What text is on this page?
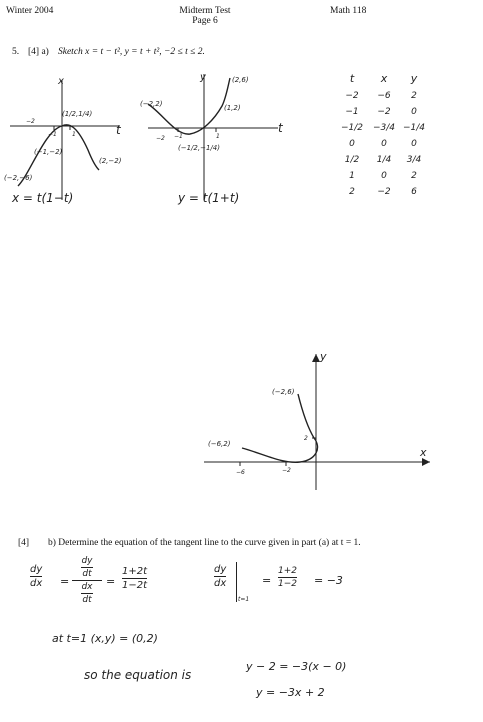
Winter 2004	Midterm Test
Page 6
Math 118
5. [4] a) Sketch x = t − t², y = t + t², −2 ≤ t ≤ 2.
x
t
(1/2,1/4)
(−1,−2)
(2,−2)
(−2,−6)
−2
−1	1
x = t(1−t)
y
t
(2,6)
(−2,2)	(1,2)
(−1/2,−1/4)
−2 −1	1
y = t(1+t)
t	x	y
−2	−6	2
−1	−2	0
−1/2	−3/4 −1/4
0	0	0
1/2	1/4	3/4
1	0	2
2	−2	6
x
y
(−2,6)
(−6,2)
−6	−2
2
[4] b) Determine the equation of the tangent line to the curve given in part (a) at t = 1.
dy
dx =
$\frac{dy}{dt}$
$\frac{dx}{dt}$
=
1+2t
1−2t
dy
dx
t=1
=
1+2
1−2 = −3
at t=1 (x,y) = (0,2)
so the equation is
y − 2 = −3(x − 0)
y = −3x + 2
